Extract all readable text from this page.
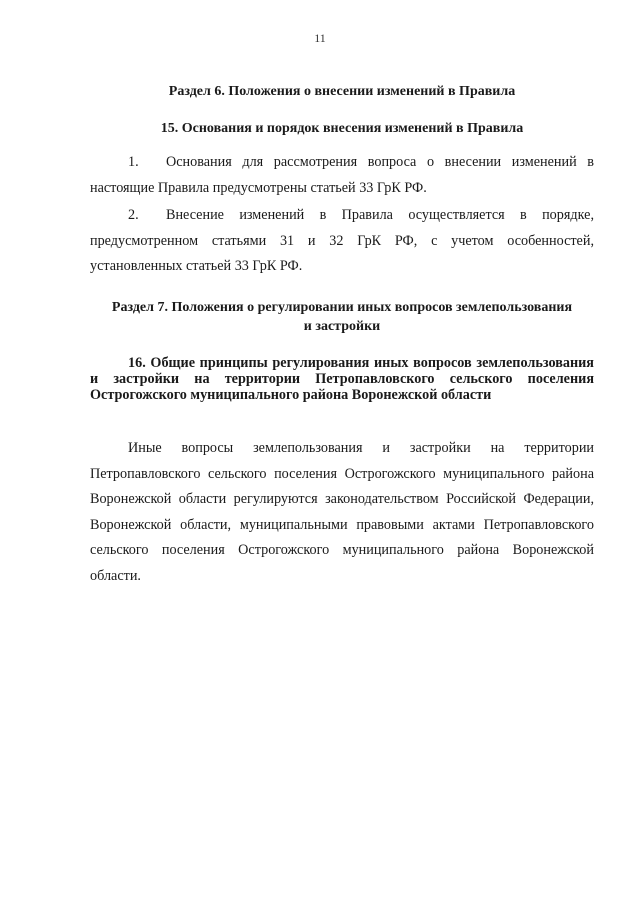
11
Раздел 6. Положения о внесении изменений в Правила
15. Основания и порядок внесения изменений в Правила

1. Основания для рассмотрения вопроса о внесении изменений в настоящие Правила предусмотрены статьей 33 ГрК РФ.

2. Внесение изменений в Правила осуществляется в порядке, предусмотренном статьями 31 и 32 ГрК РФ, с учетом особенностей, установленных статьей 33 ГрК РФ.

Раздел 7. Положения о регулировании иных вопросов землепользования
и застройки

16. Общие принципы регулирования иных вопросов землепользования и застройки на территории Петропавловского сельского поселения Острогожского муниципального района Воронежской области

Иные вопросы землепользования и застройки на территории Петропавловского сельского поселения Острогожского муниципального района Воронежской области регулируются законодательством Российской Федерации, Воронежской области, муниципальными правовыми актами Петропавловского сельского поселения Острогожского муниципального района Воронежской области.
